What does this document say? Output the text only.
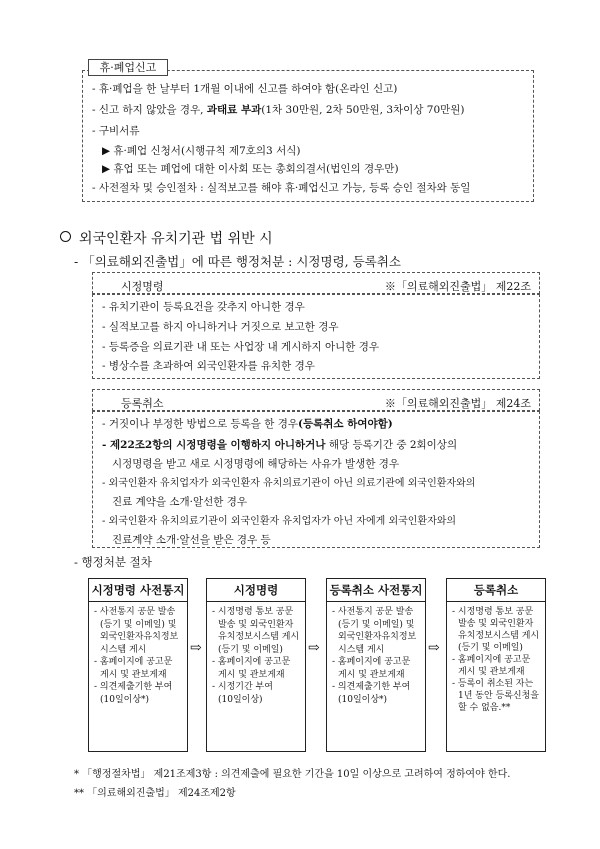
휴·폐업신고
- 휴·폐업을 한 날부터 1개월 이내에 신고를 하여야 함(온라인 신고)
- 신고 하지 않았을 경우, 과태료 부과(1차 30만원, 2차 50만원, 3차이상 70만원)
- 구비서류
▶ 휴·폐업 신청서(시행규칙 제7호의3 서식)
▶ 휴업 또는 폐업에 대한 이사회 또는 총회의결서(법인의 경우만)
- 사전절차 및 승인절차 : 실적보고를 해야 휴·폐업신고 가능, 등록 승인 절차와 동일
외국인환자 유치기관 법 위반 시
- 「의료해외진출법」에 따른 행정처분 : 시정명령, 등록취소
시정명령	※「의료해외진출법」 제22조
- 유치기관이 등록요건을 갖추지 아니한 경우
- 실적보고를 하지 아니하거나 거짓으로 보고한 경우
- 등록증을 의료기관 내 또는 사업장 내 게시하지 아니한 경우
- 병상수를 초과하여 외국인환자를 유치한 경우
등록취소	※「의료해외진출법」 제24조
- 거짓이나 부정한 방법으로 등록을 한 경우(등록취소 하여야함)
- 제22조2항의 시정명령을 이행하지 아니하거나 해당 등록기간 중 2회이상의
시정명령을 받고 새로 시정명령에 해당하는 사유가 발생한 경우
- 외국인환자 유치업자가 외국인환자 유치의료기관이 아닌 의료기관에 외국인환자와의
진료 계약을 소개·알선한 경우
- 외국인환자 유치의료기관이 외국인환자 유치업자가 아닌 자에게 외국인환자와의
진료계약 소개·알선을 받은 경우 등
- 행정처분 절차
시정명령 사전통지
- 사전통지 공문 발송
(등기 및 이메일) 및
외국인환자유치정보
시스템 게시
- 홈페이지에 공고문
게시 및 관보게재
- 의견제출기한 부여
(10일이상*)
⇨
시정명령
- 시정명령 통보 공문
발송 및 외국인환자
유치정보시스템 게시
(등기 및 이메일)
- 홈페이지에 공고문
게시 및 관보게재
- 시정기간 부여
(10일이상)
⇨
등록취소 사전통지
- 사전통지 공문 발송
(등기 및 이메일) 및
외국인환자유치정보
시스템 게시
- 홈페이지에 공고문
게시 및 관보게재
- 의견제출기한 부여
(10일이상*)
⇨
등록취소
- 시정명령 통보 공문
발송 및 외국인환자
유치정보시스템 게시
(등기 및 이메일)
- 홈페이지에 공고문
게시 및 관보게재
- 등록이 취소된 자는
1년 동안 등록신청을
할 수 없음.**
* 「행정절차법」 제21조제3항 : 의견제출에 필요한 기간을 10일 이상으로 고려하여 정하여야 한다.
** 「의료해외진출법」 제24조제2항
